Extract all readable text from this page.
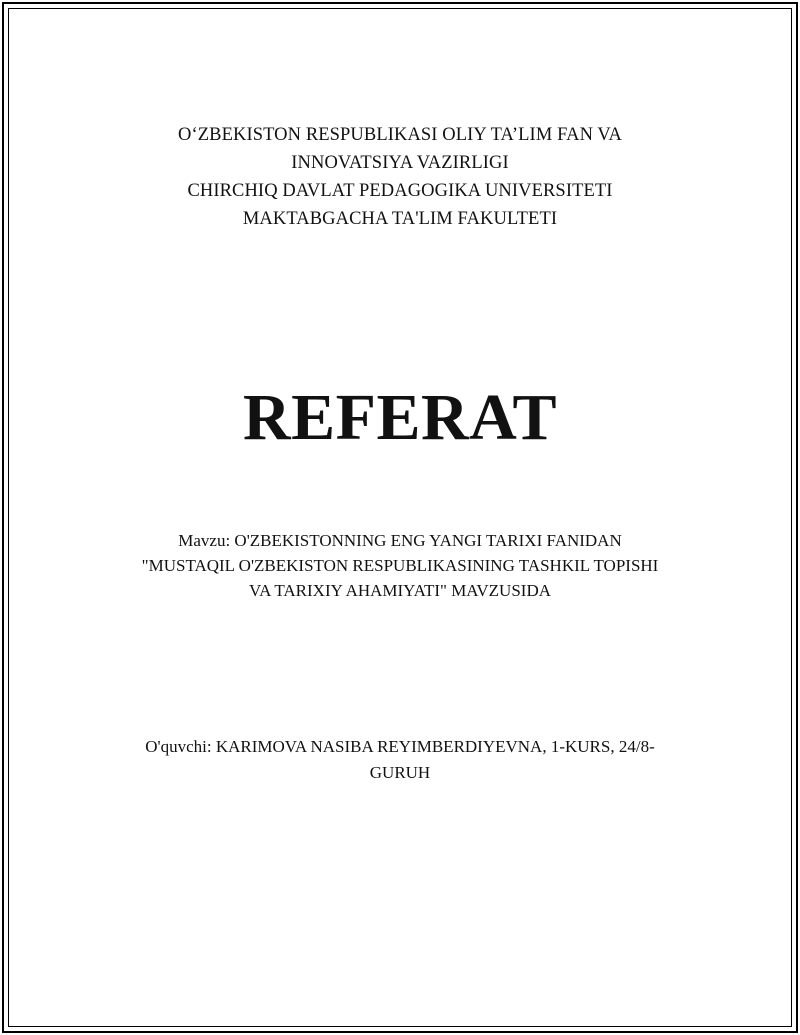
O‘ZBEKISTON RESPUBLIKASI OLIY TA’LIM FAN VA
INNOVATSIYA VAZIRLIGI
CHIRCHIQ DAVLAT PEDAGOGIKA UNIVERSITETI
MAKTABGACHA TA'LIM FAKULTETI
REFERAT
Mavzu: O'ZBEKISTONNING ENG YANGI TARIXI FANIDAN
"MUSTAQIL O'ZBEKISTON RESPUBLIKASINING TASHKIL TOPISHI
VA TARIXIY AHAMIYATI" MAVZUSIDA
O'quvchi: KARIMOVA NASIBA REYIMBERDIYEVNA, 1-KURS, 24/8-
GURUH
